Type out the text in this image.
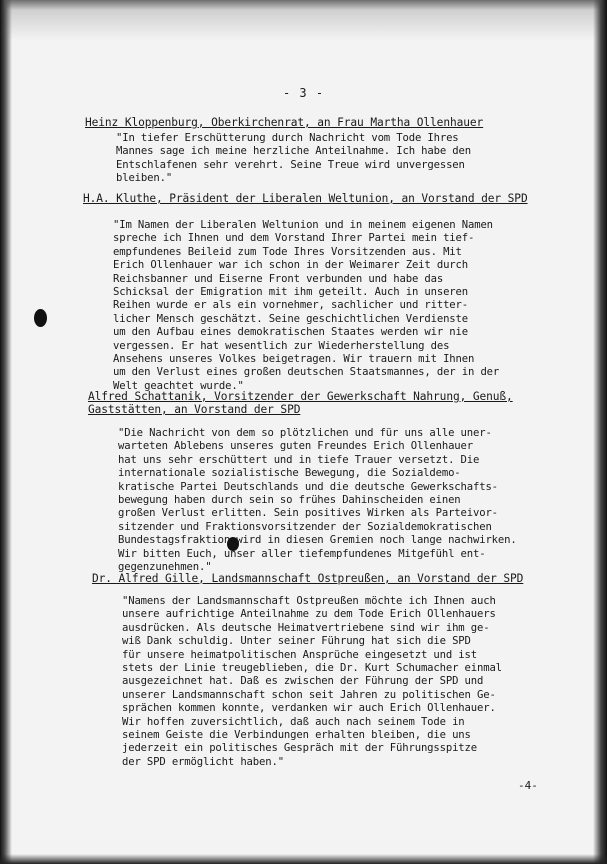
- 3 -
Heinz Kloppenburg, Oberkirchenrat, an Frau Martha Ollenhauer
"In tiefer Erschütterung durch Nachricht vom Tode Ihres
Mannes sage ich meine herzliche Anteilnahme. Ich habe den
Entschlafenen sehr verehrt. Seine Treue wird unvergessen
bleiben."
H.A. Kluthe, Präsident der Liberalen Weltunion, an Vorstand der SPD
"Im Namen der Liberalen Weltunion und in meinem eigenen Namen
spreche ich Ihnen und dem Vorstand Ihrer Partei mein tief-
empfundenes Beileid zum Tode Ihres Vorsitzenden aus. Mit
Erich Ollenhauer war ich schon in der Weimarer Zeit durch
Reichsbanner und Eiserne Front verbunden und habe das
Schicksal der Emigration mit ihm geteilt. Auch in unseren
Reihen wurde er als ein vornehmer, sachlicher und ritter-
licher Mensch geschätzt. Seine geschichtlichen Verdienste
um den Aufbau eines demokratischen Staates werden wir nie
vergessen. Er hat wesentlich zur Wiederherstellung des
Ansehens unseres Volkes beigetragen. Wir trauern mit Ihnen
um den Verlust eines großen deutschen Staatsmannes, der in der
Welt geachtet wurde."
Alfred Schattanik, Vorsitzender der Gewerkschaft Nahrung, Genuß,
Gaststätten, an Vorstand der SPD
"Die Nachricht von dem so plötzlichen und für uns alle uner-
warteten Ablebens unseres guten Freundes Erich Ollenhauer
hat uns sehr erschüttert und in tiefe Trauer versetzt. Die
internationale sozialistische Bewegung, die Sozialdemo-
kratische Partei Deutschlands und die deutsche Gewerkschafts-
bewegung haben durch sein so frühes Dahinscheiden einen
großen Verlust erlitten. Sein positives Wirken als Parteivor-
sitzender und Fraktionsvorsitzender der Sozialdemokratischen
Bundestagsfraktion wird in diesen Gremien noch lange nachwirken.
Wir bitten Euch, unser aller tiefempfundenes Mitgefühl ent-
gegenzunehmen."
Dr. Alfred Gille, Landsmannschaft Ostpreußen, an Vorstand der SPD
"Namens der Landsmannschaft Ostpreußen möchte ich Ihnen auch
unsere aufrichtige Anteilnahme zu dem Tode Erich Ollenhauers
ausdrücken. Als deutsche Heimatvertriebene sind wir ihm ge-
wiß Dank schuldig. Unter seiner Führung hat sich die SPD
für unsere heimatpolitischen Ansprüche eingesetzt und ist
stets der Linie treugeblieben, die Dr. Kurt Schumacher einmal
ausgezeichnet hat. Daß es zwischen der Führung der SPD und
unserer Landsmannschaft schon seit Jahren zu politischen Ge-
sprächen kommen konnte, verdanken wir auch Erich Ollenhauer.
Wir hoffen zuversichtlich, daß auch nach seinem Tode in
seinem Geiste die Verbindungen erhalten bleiben, die uns
jederzeit ein politisches Gespräch mit der Führungsspitze
der SPD ermöglicht haben."
-4-
